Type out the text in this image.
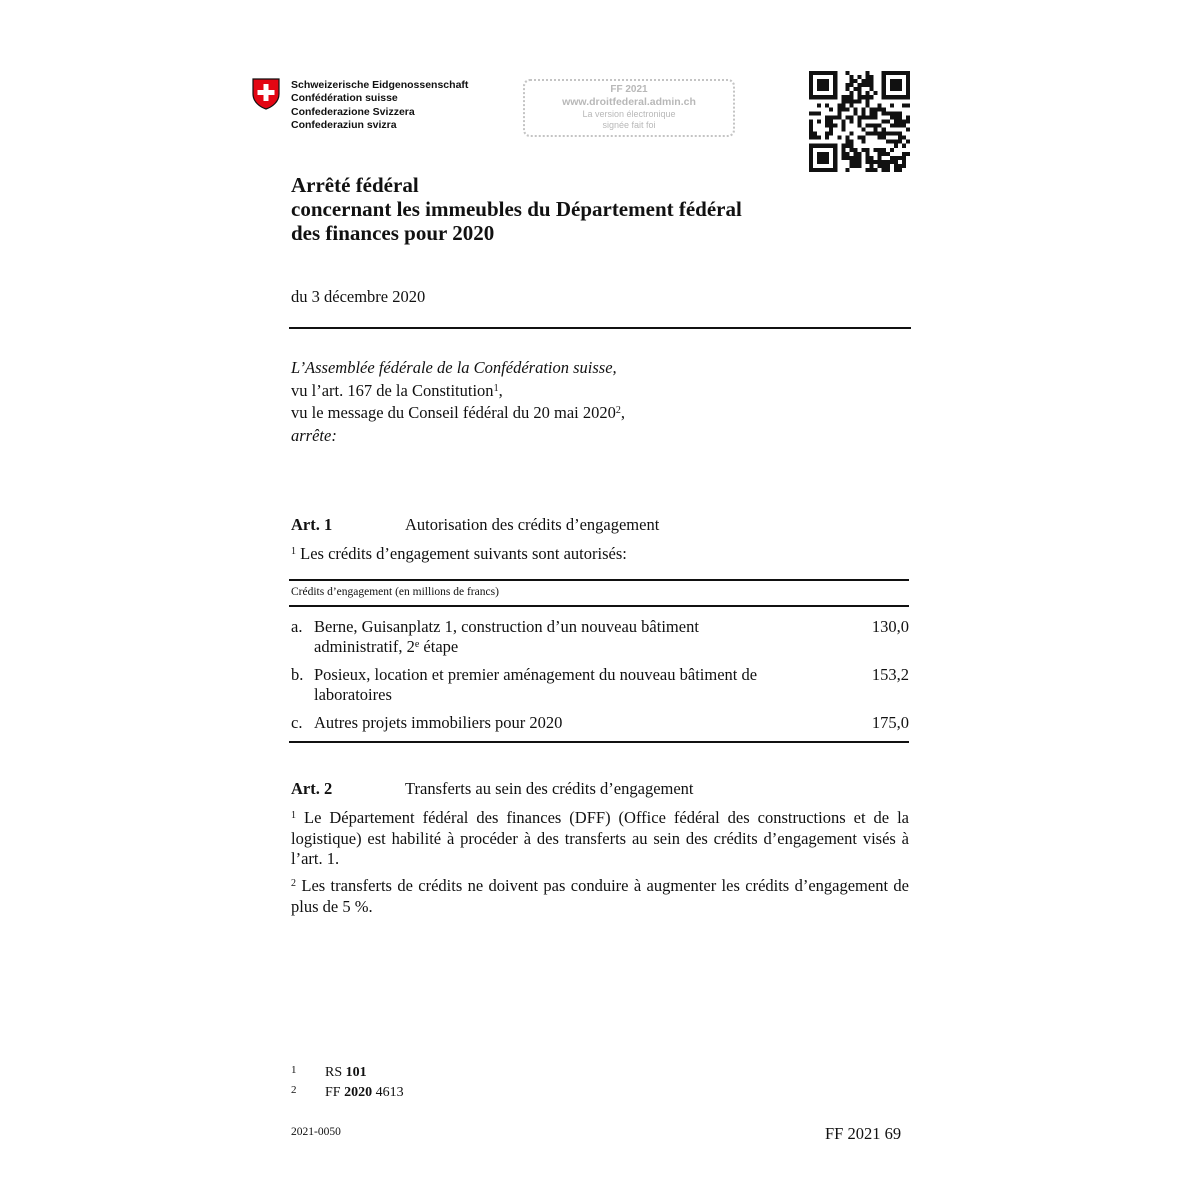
Schweizerische Eidgenossenschaft
Confédération suisse
Confederazione Svizzera
Confederaziun svizra
FF 2021
www.droitfederal.admin.ch
La version électronique
signée fait foi
Arrêté fédéral
concernant les immeubles du Département fédéral
des finances pour 2020
du 3 décembre 2020
L’Assemblée fédérale de la Confédération suisse,
vu l’art. 167 de la Constitution$^1$,
vu le message du Conseil fédéral du 20 mai 2020$^2$,
arrête:
Art. 1	Autorisation des crédits d’engagement
$^1$ Les crédits d’engagement suivants sont autorisés:
Crédits d’engagement (en millions de francs)
a. Berne, Guisanplatz 1, construction d’un nouveau bâtiment administratif, 2e étape
130,0
b. Posieux, location et premier aménagement du nouveau bâtiment de laboratoires
153,2
c. Autres projets immobiliers pour 2020	175,0
Art. 2	Transferts au sein des crédits d’engagement
$^1$ Le Département fédéral des finances (DFF) (Office fédéral des constructions et de la logistique) est habilité à procéder à des transferts au sein des crédits d’engagement visés à l’art. 1.
$^2$ Les transferts de crédits ne doivent pas conduire à augmenter les crédits d’engagement de plus de 5 %.
1 RS 101
2 FF 2020 4613
2021-0050	FF 2021 69
